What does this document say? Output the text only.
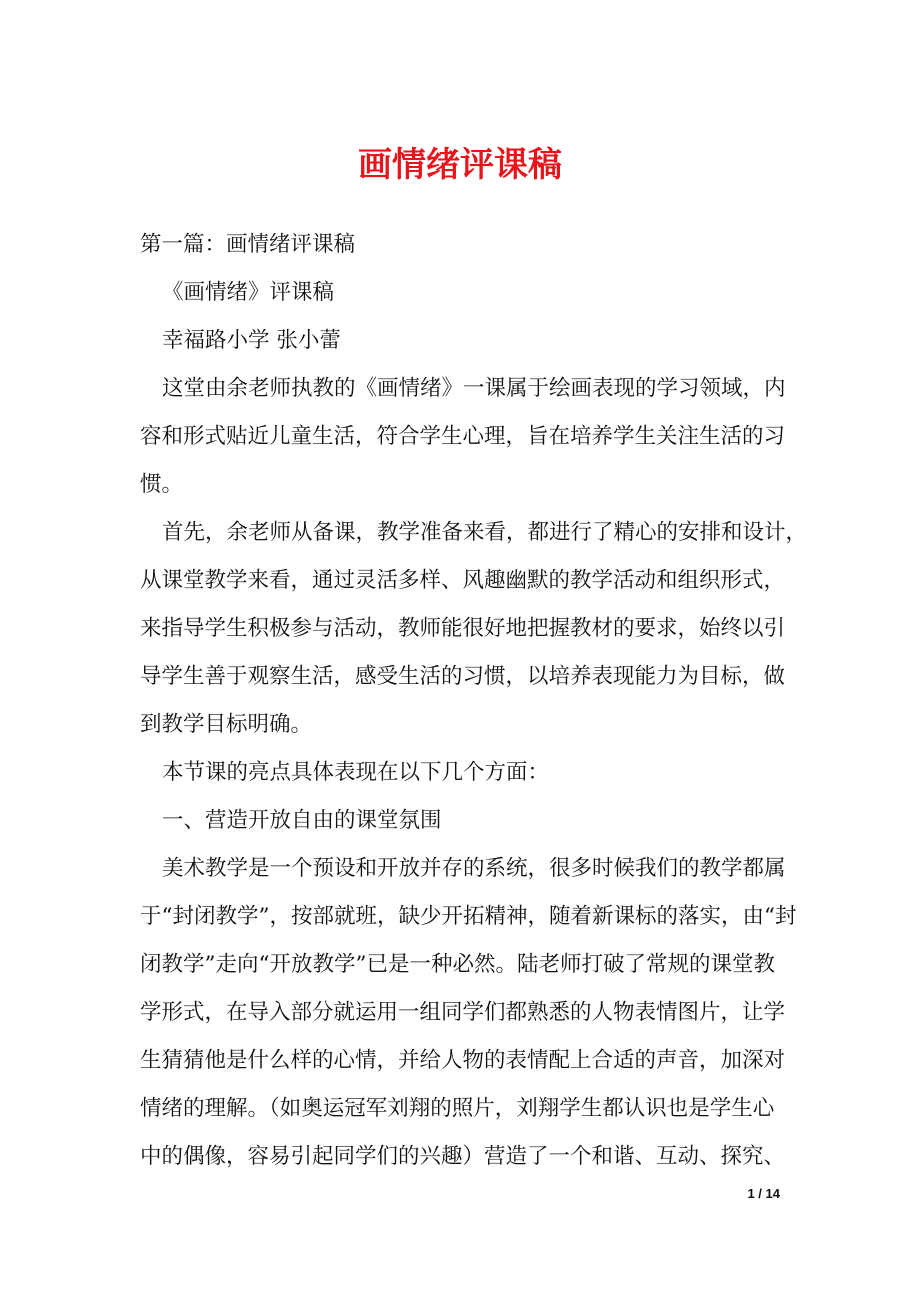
画情绪评课稿
第一篇：画情绪评课稿
《画情绪》评课稿
幸福路小学 张小蕾
这堂由余老师执教的《画情绪》一课属于绘画表现的学习领域，内
容和形式贴近儿童生活，符合学生心理，旨在培养学生关注生活的习
惯。
首先，余老师从备课，教学准备来看，都进行了精心的安排和设计，
从课堂教学来看，通过灵活多样、风趣幽默的教学活动和组织形式，
来指导学生积极参与活动，教师能很好地把握教材的要求，始终以引
导学生善于观察生活，感受生活的习惯，以培养表现能力为目标，做
到教学目标明确。
本节课的亮点具体表现在以下几个方面：
一、营造开放自由的课堂氛围
美术教学是一个预设和开放并存的系统，很多时候我们的教学都属
于“封闭教学”，按部就班，缺少开拓精神，随着新课标的落实，由“封
闭教学”走向“开放教学”已是一种必然。陆老师打破了常规的课堂教
学形式，在导入部分就运用一组同学们都熟悉的人物表情图片，让学
生猜猜他是什么样的心情，并给人物的表情配上合适的声音，加深对
情绪的理解。（如奥运冠军刘翔的照片，刘翔学生都认识也是学生心
中的偶像，容易引起同学们的兴趣）营造了一个和谐、互动、探究、
1 / 14
